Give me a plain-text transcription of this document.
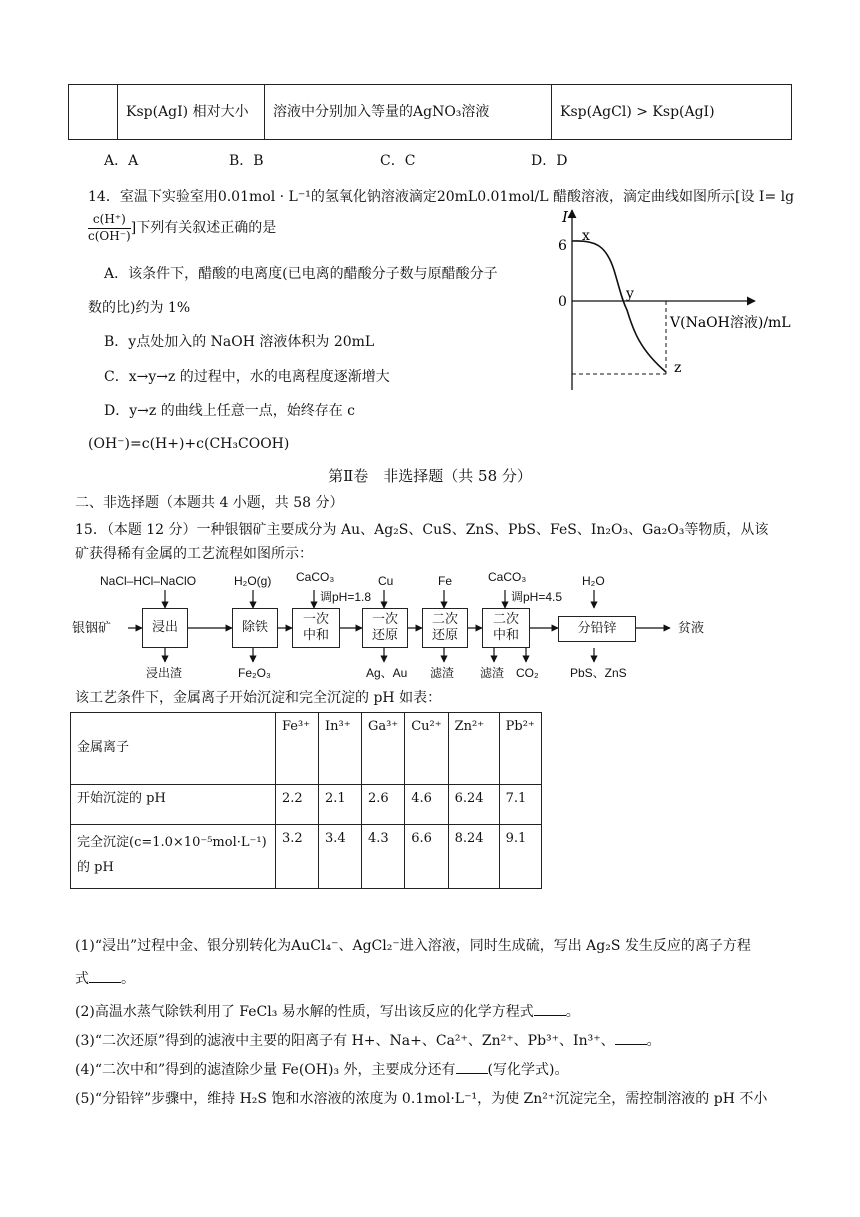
	Ksp(AgI) 相对大小	溶液中分别加入等量的AgNO₃溶液	Ksp(AgCl) > Ksp(AgI)
A．A	B．B	C．C	D．D
14．室温下实验室用0.01mol · L⁻¹的氢氧化钠溶液滴定20mL0.01mol/L 醋酸溶液，滴定曲线如图所示[设 I= lg
$\frac{c(H^+)}{c(OH^-)}$ ]下列有关叙述正确的是
A．该条件下，醋酸的电离度(已电离的醋酸分子数与原醋酸分子
数的比)约为 1%
B．y点处加入的 NaOH 溶液体积为 20mL
C．x→y→z 的过程中，水的电离程度逐渐增大
D．y→z 的曲线上任意一点，始终存在 c
(OH⁻)=c(H+)+c(CH₃COOH)
I
6
0
x
y
z
V(NaOH溶液)/mL
第Ⅱ卷　非选择题（共 58 分）
二、非选择题（本题共 4 小题，共 58 分）
15．（本题 12 分）一种银铟矿主要成分为 Au、Ag₂S、CuS、ZnS、PbS、FeS、In₂O₃、Ga₂O₃等物质，从该
矿获得稀有金属的工艺流程如图所示：
银铟矿	贫液
浸出	除铁
一次
中和
一次
还原
二次
还原
二次
中和	分铅锌
NaCl–HCl–NaClO	H₂O(g) CaCO₃
调pH=1.8
Cu	Fe	CaCO₃
调pH=4.5
H₂O
浸出渣	Fe₂O₃	Ag、Au 滤渣 滤渣　CO₂	PbS、ZnS
该工艺条件下，金属离子开始沉淀和完全沉淀的 pH 如表：
金属离子	Fe³⁺	In³⁺	Ga³⁺	Cu²⁺	Zn²⁺	Pb²⁺
开始沉淀的 pH	2.2	2.1	2.6	4.6	6.24	7.1
完全沉淀(c=1.0×10⁻⁵mol·L⁻¹)的 pH	3.2	3.4	4.3	6.6	8.24	9.1
(1)“浸出”过程中金、银分别转化为AuCl₄⁻、AgCl₂⁻进入溶液，同时生成硫，写出 Ag₂S 发生反应的离子方程
式 。
(2)高温水蒸气除铁利用了 FeCl₃ 易水解的性质，写出该反应的化学方程式 。
(3)“二次还原”得到的滤液中主要的阳离子有 H+、Na+、Ca²⁺、Zn²⁺、Pb³⁺、In³⁺、 。
(4)“二次中和”得到的滤渣除少量 Fe(OH)₃ 外，主要成分还有 (写化学式)。
(5)“分铅锌”步骤中，维持 H₂S 饱和水溶液的浓度为 0.1mol·L⁻¹，为使 Zn²⁺沉淀完全，需控制溶液的 pH 不小
